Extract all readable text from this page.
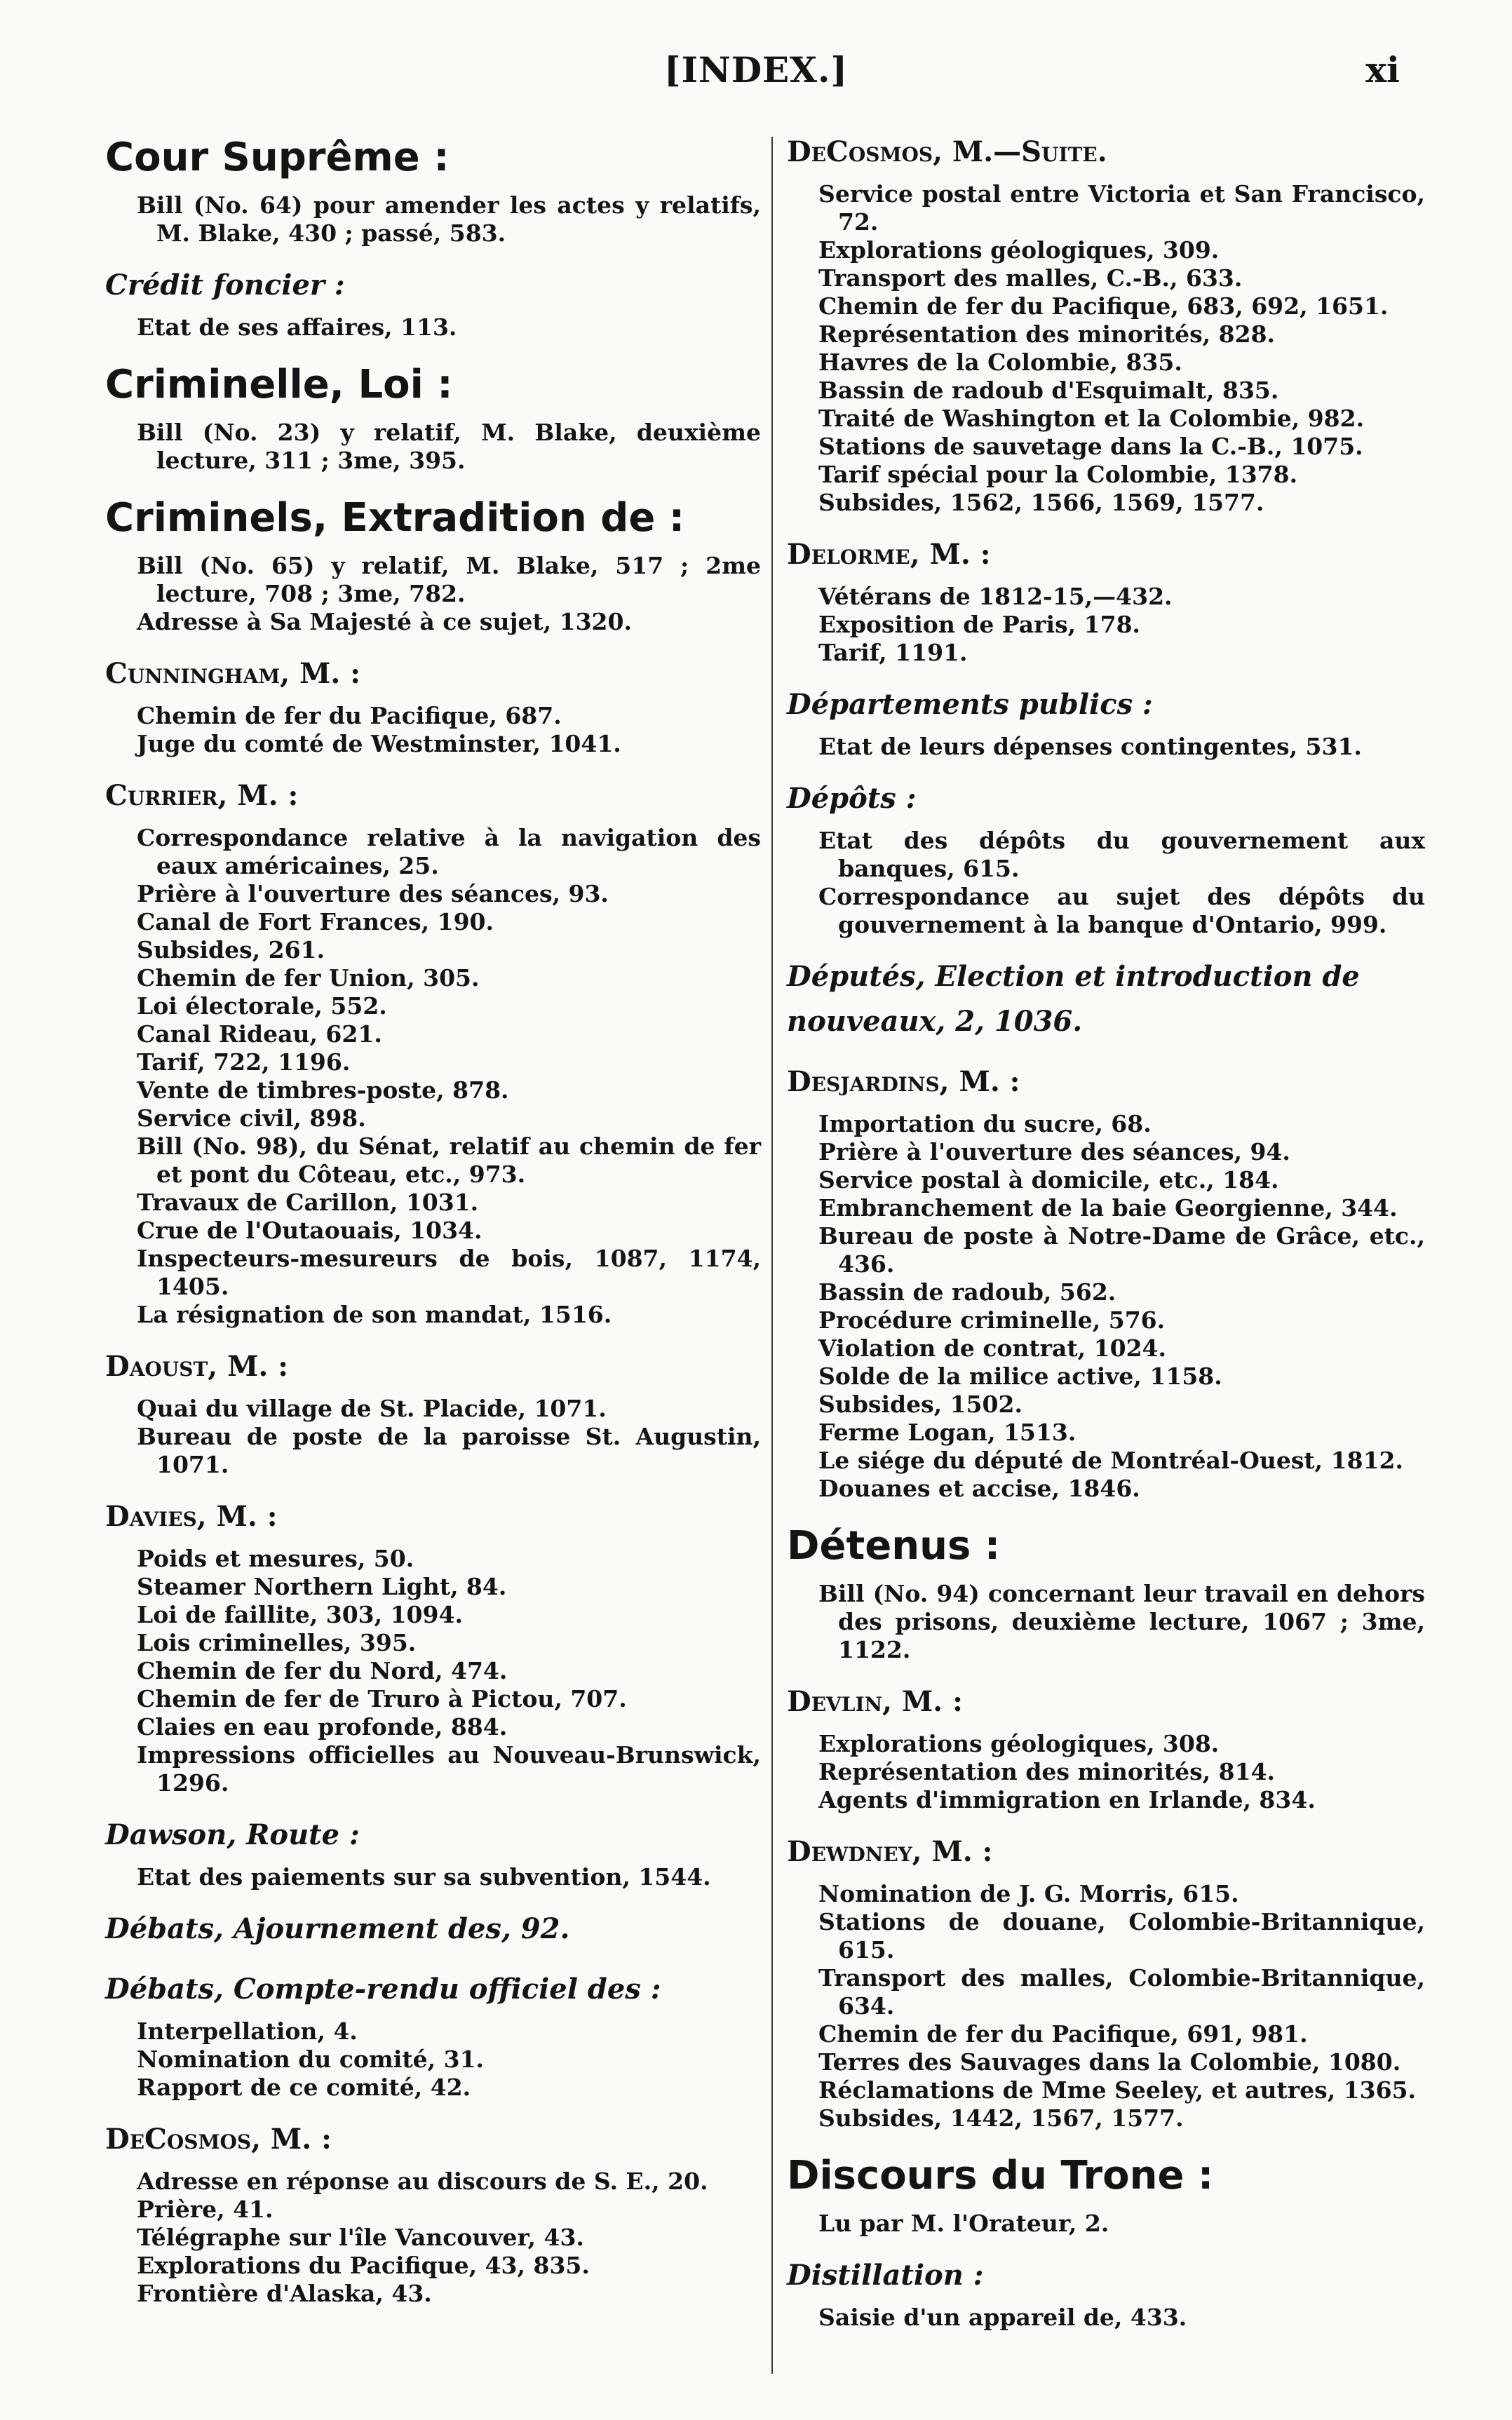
[INDEX.]	xi
Cour Suprême :
Bill (No. 64) pour amender les actes y relatifs, M. Blake, 430 ; passé, 583.
Crédit foncier :
Etat de ses affaires, 113.
Criminelle, Loi :
Bill (No. 23) y relatif, M. Blake, deuxième lecture, 311 ; 3me, 395.
Criminels, Extradition de :
Bill (No. 65) y relatif, M. Blake, 517 ; 2me lecture, 708 ; 3me, 782.
Adresse à Sa Majesté à ce sujet, 1320.
Cunningham, M. :
Chemin de fer du Pacifique, 687.
Juge du comté de Westminster, 1041.
Currier, M. :
Correspondance relative à la navigation des eaux américaines, 25.
Prière à l'ouverture des séances, 93.
Canal de Fort Frances, 190.
Subsides, 261.
Chemin de fer Union, 305.
Loi électorale, 552.
Canal Rideau, 621.
Tarif, 722, 1196.
Vente de timbres-poste, 878.
Service civil, 898.
Bill (No. 98), du Sénat, relatif au chemin de fer et pont du Côteau, etc., 973.
Travaux de Carillon, 1031.
Crue de l'Outaouais, 1034.
Inspecteurs-mesureurs de bois, 1087, 1174, 1405.
La résignation de son mandat, 1516.
Daoust, M. :
Quai du village de St. Placide, 1071.
Bureau de poste de la paroisse St. Augustin, 1071.
Davies, M. :
Poids et mesures, 50.
Steamer Northern Light, 84.
Loi de faillite, 303, 1094.
Lois criminelles, 395.
Chemin de fer du Nord, 474.
Chemin de fer de Truro à Pictou, 707.
Claies en eau profonde, 884.
Impressions officielles au Nouveau-Brunswick, 1296.
Dawson, Route :
Etat des paiements sur sa subvention, 1544.
Débats, Ajournement des, 92.
Débats, Compte-rendu officiel des :
Interpellation, 4.
Nomination du comité, 31.
Rapport de ce comité, 42.
DeCosmos, M. :
Adresse en réponse au discours de S. E., 20.
Prière, 41.
Télégraphe sur l'île Vancouver, 43.
Explorations du Pacifique, 43, 835.
Frontière d'Alaska, 43.
DeCosmos, M.—Suite.
Service postal entre Victoria et San Francisco, 72.
Explorations géologiques, 309.
Transport des malles, C.-B., 633.
Chemin de fer du Pacifique, 683, 692, 1651.
Représentation des minorités, 828.
Havres de la Colombie, 835.
Bassin de radoub d'Esquimalt, 835.
Traité de Washington et la Colombie, 982.
Stations de sauvetage dans la C.-B., 1075.
Tarif spécial pour la Colombie, 1378.
Subsides, 1562, 1566, 1569, 1577.
Delorme, M. :
Vétérans de 1812-15,—432.
Exposition de Paris, 178.
Tarif, 1191.
Départements publics :
Etat de leurs dépenses contingentes, 531.
Dépôts :
Etat des dépôts du gouvernement aux banques, 615.
Correspondance au sujet des dépôts du gouvernement à la banque d'Ontario, 999.
Députés, Election et introduction de nouveaux, 2, 1036.
Desjardins, M. :
Importation du sucre, 68.
Prière à l'ouverture des séances, 94.
Service postal à domicile, etc., 184.
Embranchement de la baie Georgienne, 344.
Bureau de poste à Notre-Dame de Grâce, etc., 436.
Bassin de radoub, 562.
Procédure criminelle, 576.
Violation de contrat, 1024.
Solde de la milice active, 1158.
Subsides, 1502.
Ferme Logan, 1513.
Le siége du député de Montréal-Ouest, 1812.
Douanes et accise, 1846.
Détenus :
Bill (No. 94) concernant leur travail en dehors des prisons, deuxième lecture, 1067 ; 3me, 1122.
Devlin, M. :
Explorations géologiques, 308.
Représentation des minorités, 814.
Agents d'immigration en Irlande, 834.
Dewdney, M. :
Nomination de J. G. Morris, 615.
Stations de douane, Colombie-Britannique, 615.
Transport des malles, Colombie-Britannique, 634.
Chemin de fer du Pacifique, 691, 981.
Terres des Sauvages dans la Colombie, 1080.
Réclamations de Mme Seeley, et autres, 1365.
Subsides, 1442, 1567, 1577.
Discours du Trone :
Lu par M. l'Orateur, 2.
Distillation :
Saisie d'un appareil de, 433.
